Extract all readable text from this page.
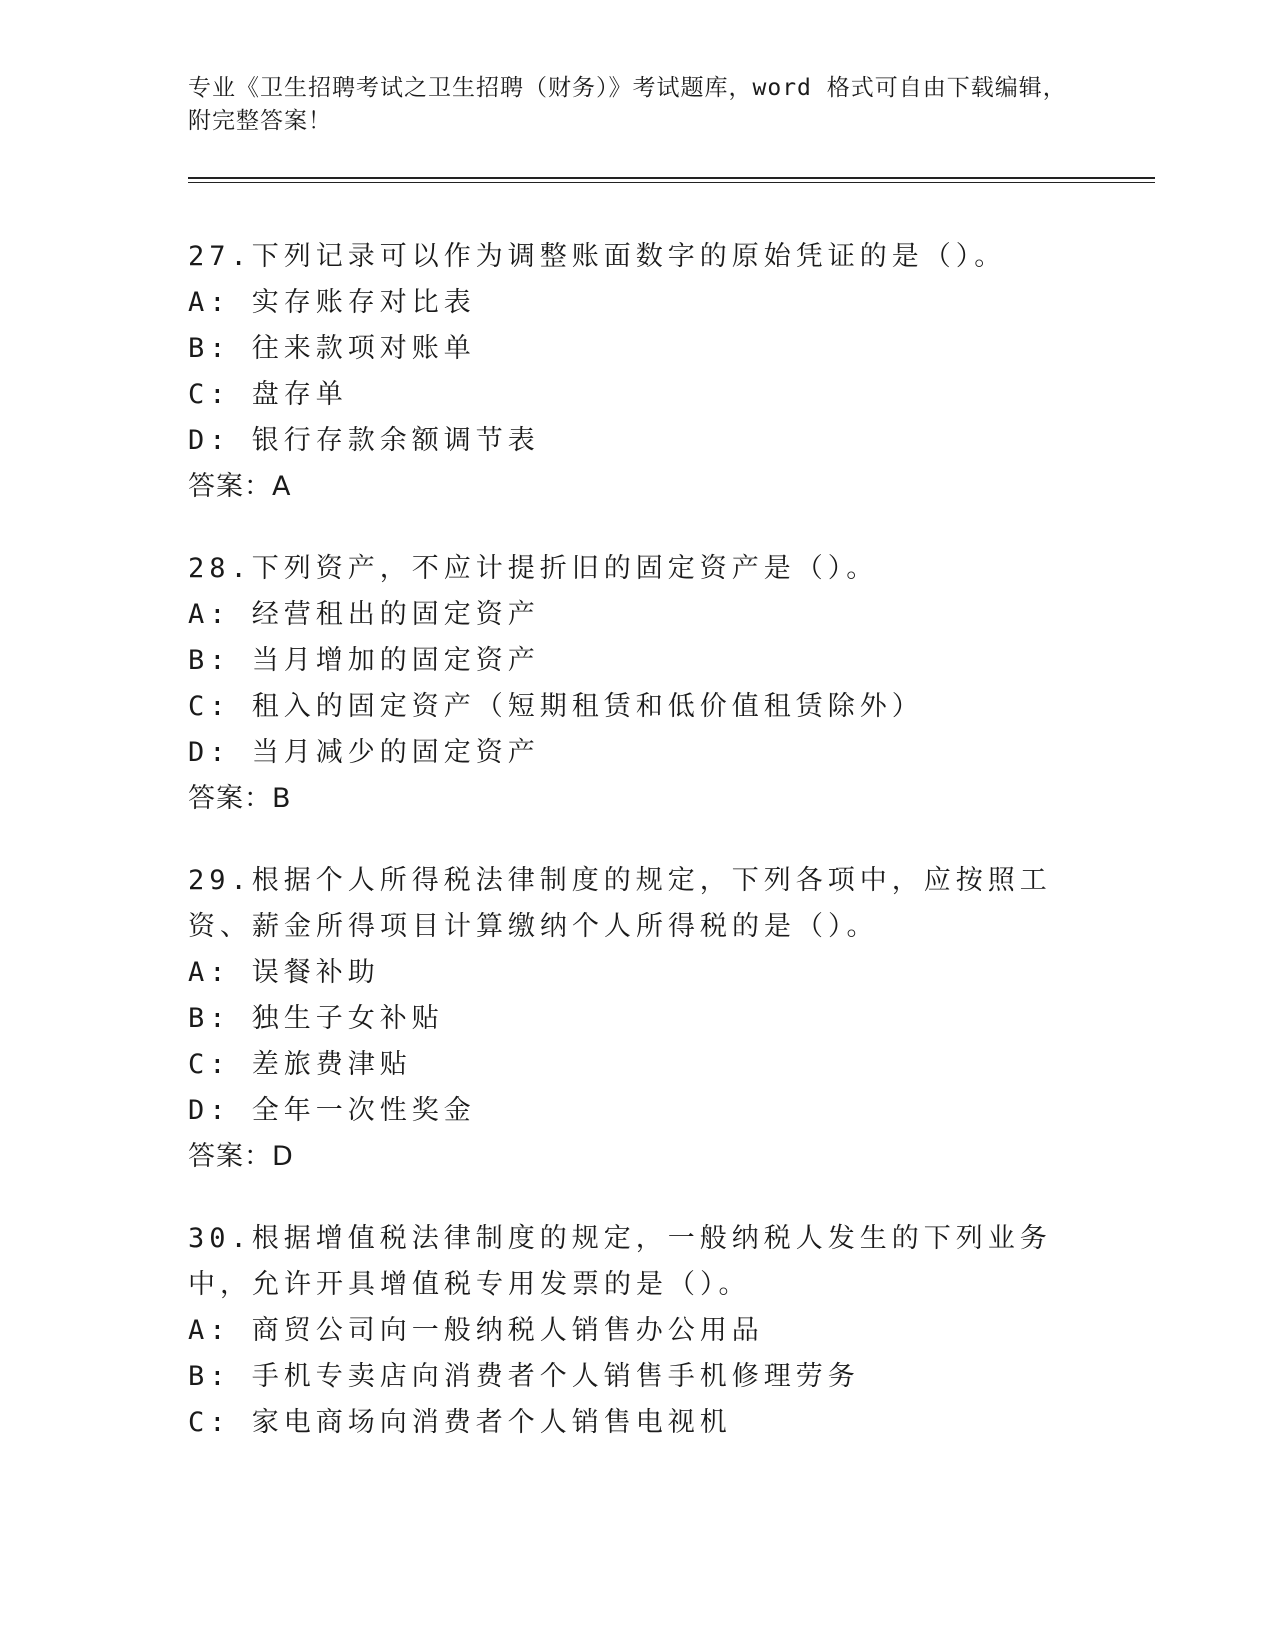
专业《卫生招聘考试之卫生招聘（财务）》考试题库，word 格式可自由下载编辑，附完整答案！
27.下列记录可以作为调整账面数字的原始凭证的是（）。
A: 实存账存对比表
B: 往来款项对账单
C: 盘存单
D: 银行存款余额调节表
答案：A
28.下列资产，不应计提折旧的固定资产是（）。
A: 经营租出的固定资产
B: 当月增加的固定资产
C: 租入的固定资产（短期租赁和低价值租赁除外）
D: 当月减少的固定资产
答案：B
29.根据个人所得税法律制度的规定，下列各项中，应按照工资、薪金所得项目计算缴纳个人所得税的是（）。
A: 误餐补助
B: 独生子女补贴
C: 差旅费津贴
D: 全年一次性奖金
答案：D
30.根据增值税法律制度的规定，一般纳税人发生的下列业务中，允许开具增值税专用发票的是（）。
A: 商贸公司向一般纳税人销售办公用品
B: 手机专卖店向消费者个人销售手机修理劳务
C: 家电商场向消费者个人销售电视机
